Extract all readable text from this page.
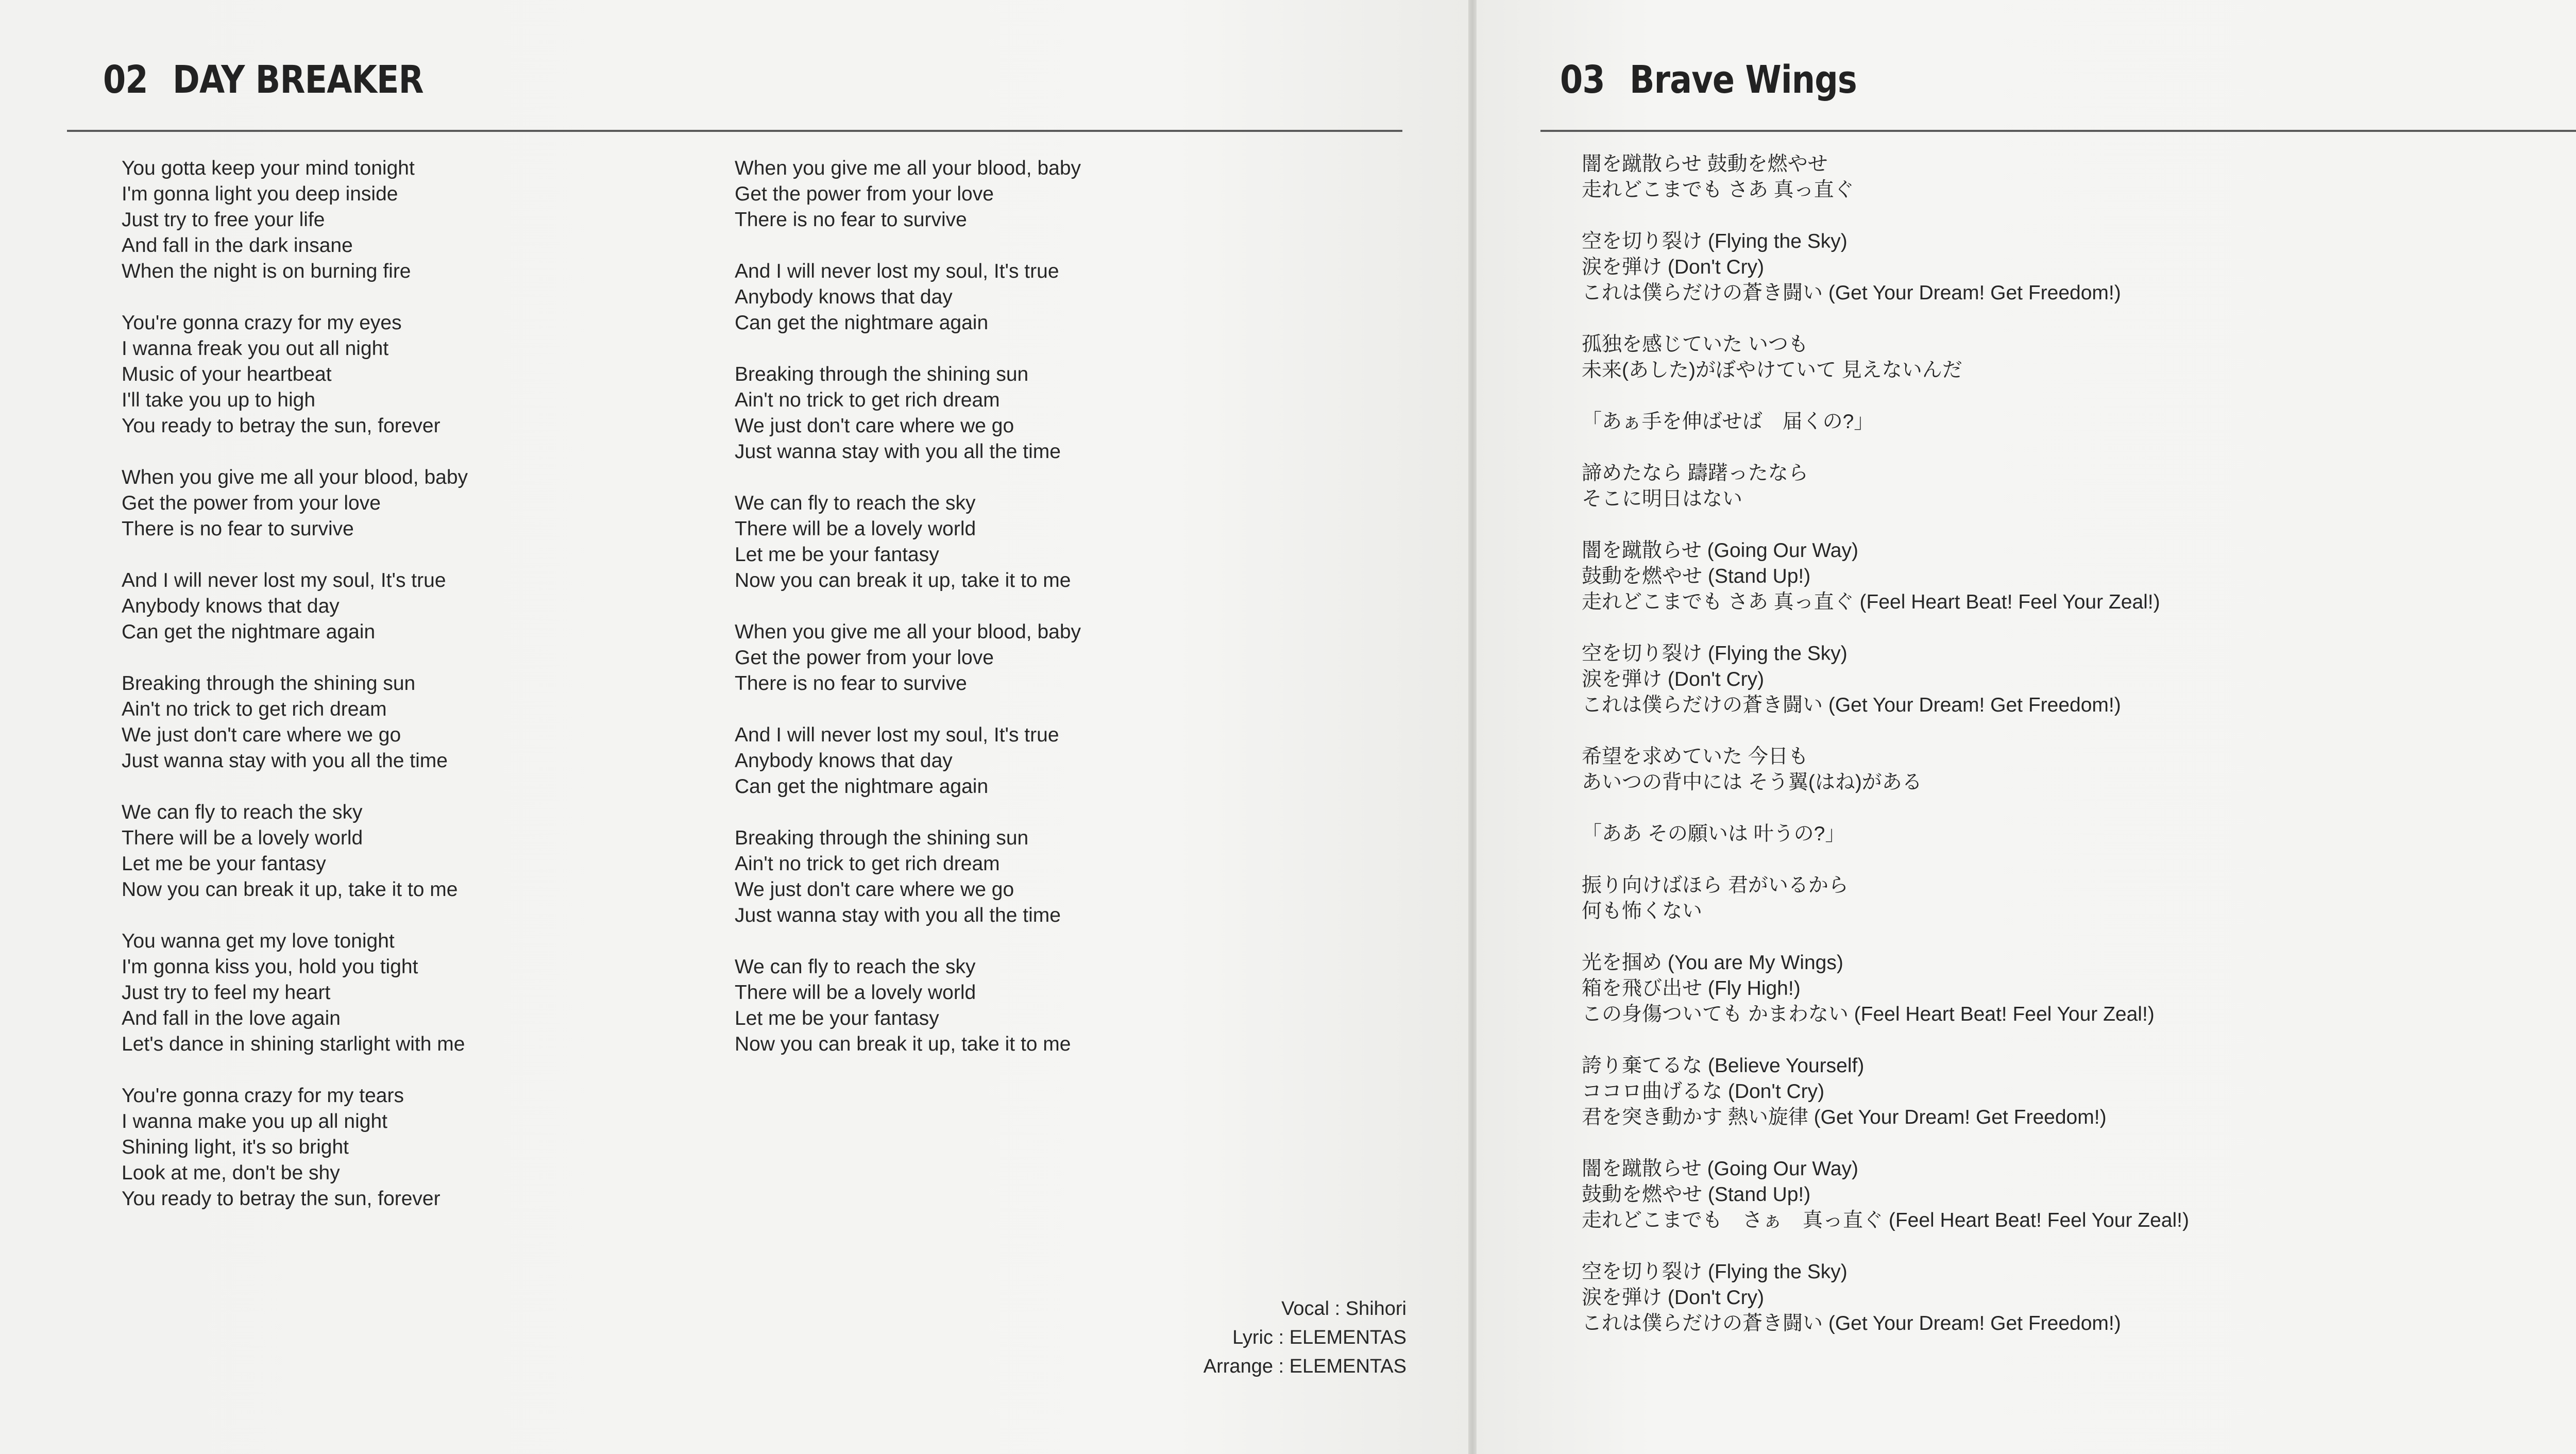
02 DAY BREAKER
You gotta keep your mind tonight
I'm gonna light you deep inside
Just try to free your life
And fall in the dark insane
When the night is on burning fire
You're gonna crazy for my eyes
I wanna freak you out all night
Music of your heartbeat
I'll take you up to high
You ready to betray the sun, forever
When you give me all your blood, baby
Get the power from your love
There is no fear to survive
And I will never lost my soul, It's true
Anybody knows that day
Can get the nightmare again
Breaking through the shining sun
Ain't no trick to get rich dream
We just don't care where we go
Just wanna stay with you all the time
We can fly to reach the sky
There will be a lovely world
Let me be your fantasy
Now you can break it up, take it to me
You wanna get my love tonight
I'm gonna kiss you, hold you tight
Just try to feel my heart
And fall in the love again
Let's dance in shining starlight with me
You're gonna crazy for my tears
I wanna make you up all night
Shining light, it's so bright
Look at me, don't be shy
You ready to betray the sun, forever
When you give me all your blood, baby
Get the power from your love
There is no fear to survive
And I will never lost my soul, It's true
Anybody knows that day
Can get the nightmare again
Breaking through the shining sun
Ain't no trick to get rich dream
We just don't care where we go
Just wanna stay with you all the time
We can fly to reach the sky
There will be a lovely world
Let me be your fantasy
Now you can break it up, take it to me
When you give me all your blood, baby
Get the power from your love
There is no fear to survive
And I will never lost my soul, It's true
Anybody knows that day
Can get the nightmare again
Breaking through the shining sun
Ain't no trick to get rich dream
We just don't care where we go
Just wanna stay with you all the time
We can fly to reach the sky
There will be a lovely world
Let me be your fantasy
Now you can break it up, take it to me
Vocal : Shihori
Lyric : ELEMENTAS
Arrange : ELEMENTAS
03 Brave Wings
闇を蹴散らせ 鼓動を燃やせ
走れどこまでも さあ 真っ直ぐ
空を切り裂け (Flying the Sky)
涙を弾け (Don't Cry)
これは僕らだけの蒼き闘い (Get Your Dream! Get Freedom!)
孤独を感じていた いつも
未来(あした)がぼやけていて 見えないんだ
「あぁ手を伸ばせば　届くの?」
諦めたなら 躊躇ったなら
そこに明日はない
闇を蹴散らせ (Going Our Way)
鼓動を燃やせ (Stand Up!)
走れどこまでも さあ 真っ直ぐ (Feel Heart Beat! Feel Your Zeal!)
空を切り裂け (Flying the Sky)
涙を弾け (Don't Cry)
これは僕らだけの蒼き闘い (Get Your Dream! Get Freedom!)
希望を求めていた 今日も
あいつの背中には そう翼(はね)がある
「ああ その願いは 叶うの?」
振り向けばほら 君がいるから
何も怖くない
光を掴め (You are My Wings)
箱を飛び出せ (Fly High!)
この身傷ついても かまわない (Feel Heart Beat! Feel Your Zeal!)
誇り棄てるな (Believe Yourself)
ココロ曲げるな (Don't Cry)
君を突き動かす 熱い旋律 (Get Your Dream! Get Freedom!)
闇を蹴散らせ (Going Our Way)
鼓動を燃やせ (Stand Up!)
走れどこまでも　さぁ　真っ直ぐ (Feel Heart Beat! Feel Your Zeal!)
空を切り裂け (Flying the Sky)
涙を弾け (Don't Cry)
これは僕らだけの蒼き闘い (Get Your Dream! Get Freedom!)
